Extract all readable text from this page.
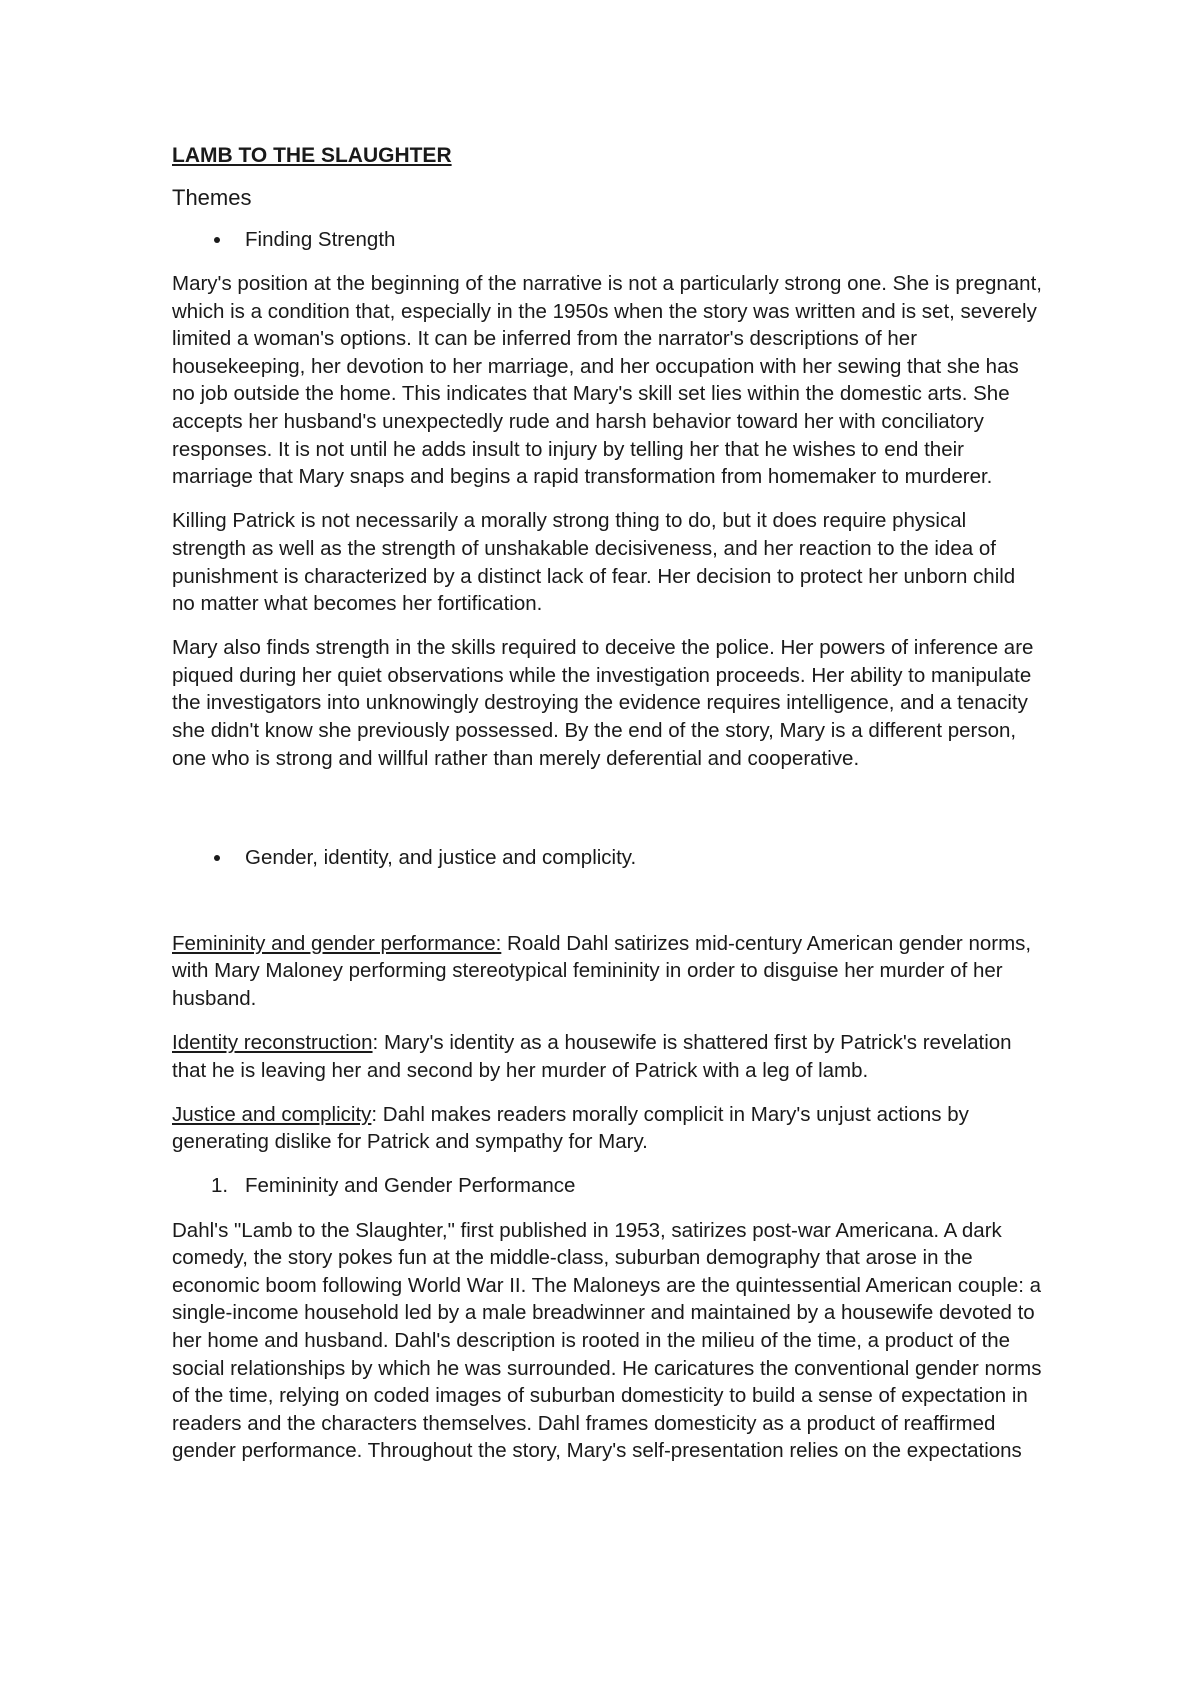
LAMB TO THE SLAUGHTER
Themes
Finding Strength

Mary's position at the beginning of the narrative is not a particularly strong one. She is pregnant, which is a condition that, especially in the 1950s when the story was written and is set, severely limited a woman's options. It can be inferred from the narrator's descriptions of her housekeeping, her devotion to her marriage, and her occupation with her sewing that she has no job outside the home. This indicates that Mary's skill set lies within the domestic arts. She accepts her husband's unexpectedly rude and harsh behavior toward her with conciliatory responses. It is not until he adds insult to injury by telling her that he wishes to end their marriage that Mary snaps and begins a rapid transformation from homemaker to murderer.

Killing Patrick is not necessarily a morally strong thing to do, but it does require physical strength as well as the strength of unshakable decisiveness, and her reaction to the idea of punishment is characterized by a distinct lack of fear. Her decision to protect her unborn child no matter what becomes her fortification.

Mary also finds strength in the skills required to deceive the police. Her powers of inference are piqued during her quiet observations while the investigation proceeds. Her ability to manipulate the investigators into unknowingly destroying the evidence requires intelligence, and a tenacity she didn't know she previously possessed. By the end of the story, Mary is a different person, one who is strong and willful rather than merely deferential and cooperative.

Gender, identity, and justice and complicity.

Femininity and gender performance: Roald Dahl satirizes mid-century American gender norms, with Mary Maloney performing stereotypical femininity in order to disguise her murder of her husband.

Identity reconstruction: Mary's identity as a housewife is shattered first by Patrick's revelation that he is leaving her and second by her murder of Patrick with a leg of lamb.

Justice and complicity: Dahl makes readers morally complicit in Mary's unjust actions by generating dislike for Patrick and sympathy for Mary.

1. Femininity and Gender Performance

Dahl's "Lamb to the Slaughter," first published in 1953, satirizes post-war Americana. A dark comedy, the story pokes fun at the middle-class, suburban demography that arose in the economic boom following World War II. The Maloneys are the quintessential American couple: a single-income household led by a male breadwinner and maintained by a housewife devoted to her home and husband. Dahl's description is rooted in the milieu of the time, a product of the social relationships by which he was surrounded. He caricatures the conventional gender norms of the time, relying on coded images of suburban domesticity to build a sense of expectation in readers and the characters themselves. Dahl frames domesticity as a product of reaffirmed gender performance. Throughout the story, Mary's self-presentation relies on the expectations
